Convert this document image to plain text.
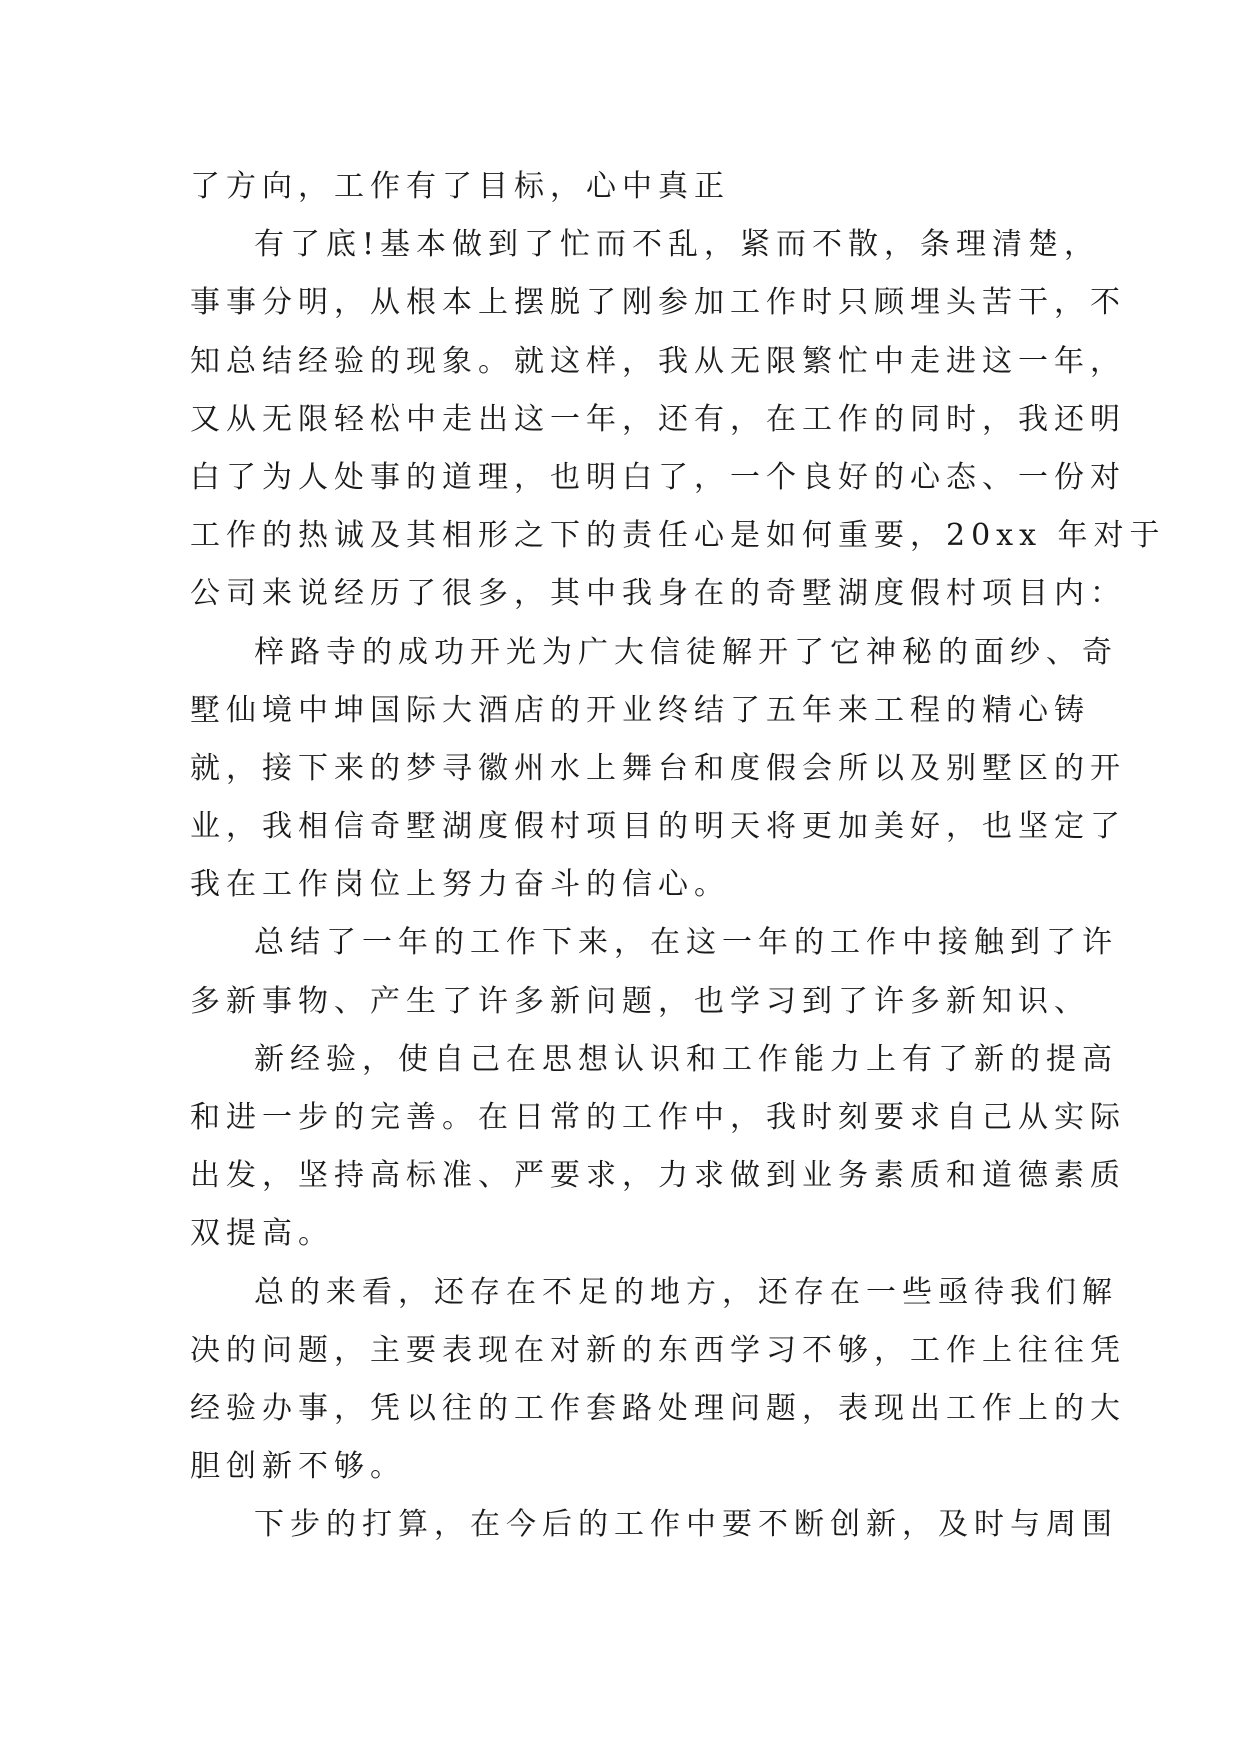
了方向，工作有了目标，心中真正
有了底!基本做到了忙而不乱，紧而不散，条理清楚，
事事分明，从根本上摆脱了刚参加工作时只顾埋头苦干，不
知总结经验的现象。就这样，我从无限繁忙中走进这一年，
又从无限轻松中走出这一年，还有，在工作的同时，我还明
白了为人处事的道理，也明白了，一个良好的心态、一份对
工作的热诚及其相形之下的责任心是如何重要，20xx 年对于
公司来说经历了很多，其中我身在的奇墅湖度假村项目内：
梓路寺的成功开光为广大信徒解开了它神秘的面纱、奇
墅仙境中坤国际大酒店的开业终结了五年来工程的精心铸
就，接下来的梦寻徽州水上舞台和度假会所以及别墅区的开
业，我相信奇墅湖度假村项目的明天将更加美好，也坚定了
我在工作岗位上努力奋斗的信心。
总结了一年的工作下来，在这一年的工作中接触到了许
多新事物、产生了许多新问题，也学习到了许多新知识、
新经验，使自己在思想认识和工作能力上有了新的提高
和进一步的完善。在日常的工作中，我时刻要求自己从实际
出发，坚持高标准、严要求，力求做到业务素质和道德素质
双提高。
总的来看，还存在不足的地方，还存在一些亟待我们解
决的问题，主要表现在对新的东西学习不够，工作上往往凭
经验办事，凭以往的工作套路处理问题，表现出工作上的大
胆创新不够。
下步的打算，在今后的工作中要不断创新，及时与周围
